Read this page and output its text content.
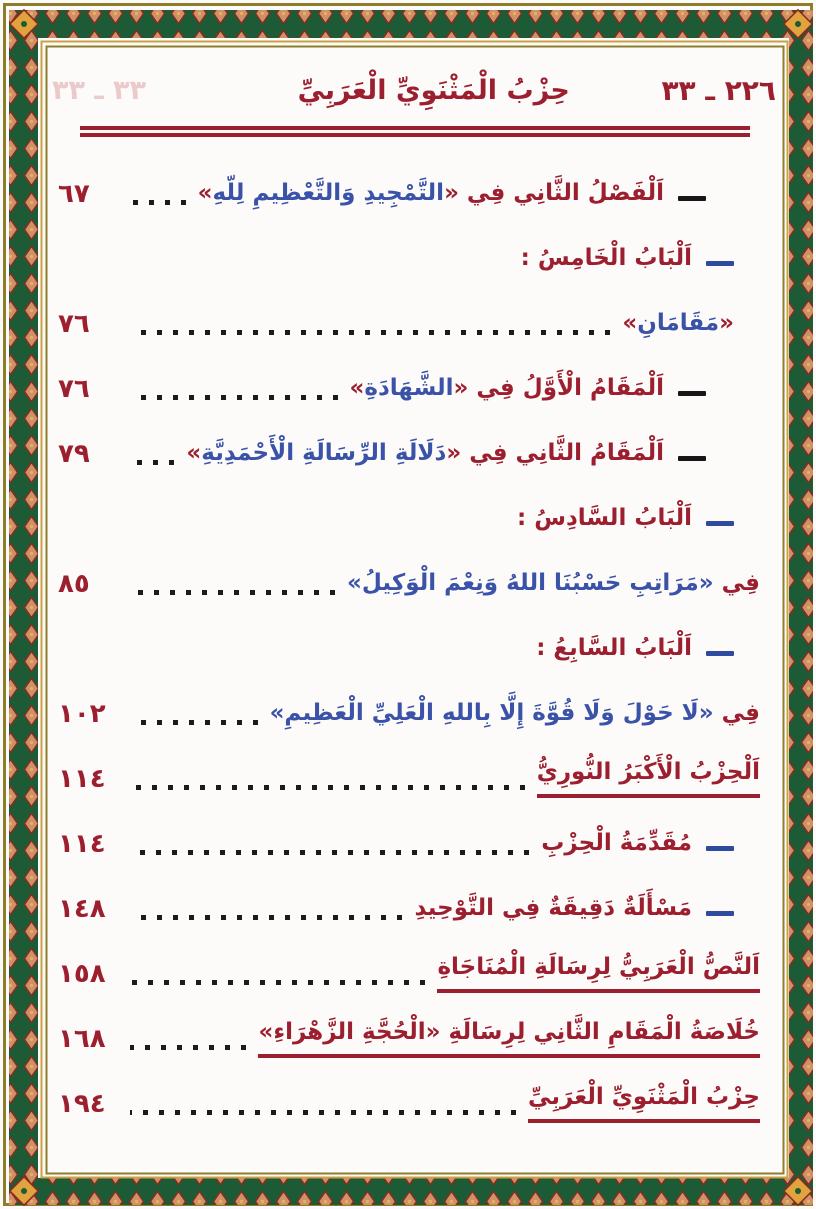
٢٢٦ ـ ٣٣
حِزْبُ الْمَثْنَوِيِّ الْعَرَبِيِّ
٣٣ ـ ٣٣
اَلْفَصْلُ الثَّانِي فِي «التَّمْجِيدِ وَالتَّعْظِيمِ لِلّهِ»
٦٧
اَلْبَابُ الْخَامِسُ :
«مَقَامَانِ»
٧٦
اَلْمَقَامُ الْأَوَّلُ فِي «الشَّهَادَةِ»
٧٦
اَلْمَقَامُ الثَّانِي فِي «دَلَالَةِ الرِّسَالَةِ الْأَحْمَدِيَّةِ»
٧٩
اَلْبَابُ السَّادِسُ :
فِي «مَرَاتِبِ حَسْبُنَا اللهُ وَنِعْمَ الْوَكِيلُ»
٨٥
اَلْبَابُ السَّابِعُ :
فِي «لَا حَوْلَ وَلَا قُوَّةَ إِلَّا بِاللهِ الْعَلِيِّ الْعَظِيمِ»
١٠٢
اَلْحِزْبُ الْأَكْبَرُ النُّورِيُّ
١١٤
مُقَدِّمَةُ الْحِزْبِ
١١٤
مَسْأَلَةٌ دَقِيقَةٌ فِي التَّوْحِيدِ
١٤٨
اَلنَّصُّ الْعَرَبِيُّ لِرِسَالَةِ الْمُنَاجَاةِ
١٥٨
خُلَاصَةُ الْمَقَامِ الثَّانِي لِرِسَالَةِ «الْحُجَّةِ الزَّهْرَاءِ»
١٦٨
حِزْبُ الْمَثْنَوِيِّ الْعَرَبِيِّ
١٩٤
